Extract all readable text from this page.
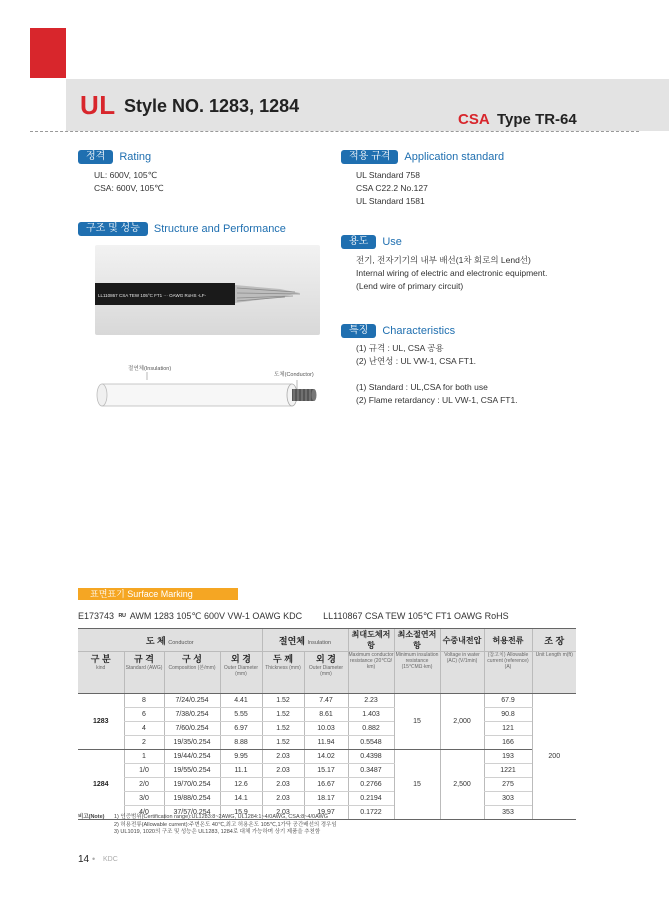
UL Style NO. 1283, 1284
CSA Type TR-64
정격	Rating
UL: 600V, 105℃
CSA: 600V, 105℃
적용 규격	Application standard
UL Standard 758
CSA C22.2 No.127
UL Standard 1581
구조 및 성능	Structure and Performance
LL110867 CSA TEW 105°C FT1 ··· OAWG RoHS -LF-
절연체(Insulation)
도체(Conductor)
용도	Use
전기, 전자기기의 내부 배선(1차 회로의 Lend선)
Internal wiring of electric and electronic equipment.
(Lend wire of primary circuit)
특징	Characteristics
(1) 규격 : UL, CSA 공용
(2) 난연성 : UL VW-1, CSA FT1.
(1) Standard : UL,CSA for both use
(2) Flame retardancy : UL VW-1, CSA FT1.
표면표기 Surface Marking
E173743 ᴿᵁ AWM 1283 105℃ 600V VW-1 OAWG KDC LL110867 CSA TEW 105℃ FT1 OAWG RoHS
도 체 Conductor				절연체 Insulation		최대도체저항	최소절연저항	수중내전압	허용전류	조 장
구 분	규 격	구 성	외 경	두 께	외 경	Maximum conductor resistance (20℃Ω/ km)	Minimum insulation resistance (15℃MΩ·km)	Voltage in water (AC) (V/1min)	(참고치) Allowable current (reference)(A)	Unit Length m(ft)
kind	Standard (AWG)	Composition (본/mm)	Outer Diameter (mm)	Thickness (mm)	Outer Diameter (mm)					
1283	8	7/24/0.254	4.41	1.52	7.47	2.23	15	2,000	67.9	200
	6	7/38/0.254	5.55	1.52	8.61	1.403			90.8	
	4	7/60/0.254	6.97	1.52	10.03	0.882			121	
	2	19/35/0.254	8.88	1.52	11.94	0.5548			166	
1284	1	19/44/0.254	9.95	2.03	14.02	0.4398	15	2,500	193	
	1/0	19/55/0.254	11.1	2.03	15.17	0.3487			1221	
	2/0	19/70/0.254	12.6	2.03	16.67	0.2766			275	
	3/0	19/88/0.254	14.1	2.03	18.17	0.2194			303	
	4/0	37/57/0.254	15.9	2.03	19.97	0.1722			353	
비고(Note)	1) 인증범위(Certification range):UL1283:8~2AWG, UL1284:1~4/0AWG, CSA:8~4/0AWG
2) 허용전류(Allowable current):주변온도 40℃,최고 허용온도 105℃,1가닥 공간배선의 경우임
3) UL1019, 1020의 구조 및 성능은 UL1283, 1284로 대체 가능하며 상기 제품을 추천함
14 • KDC
